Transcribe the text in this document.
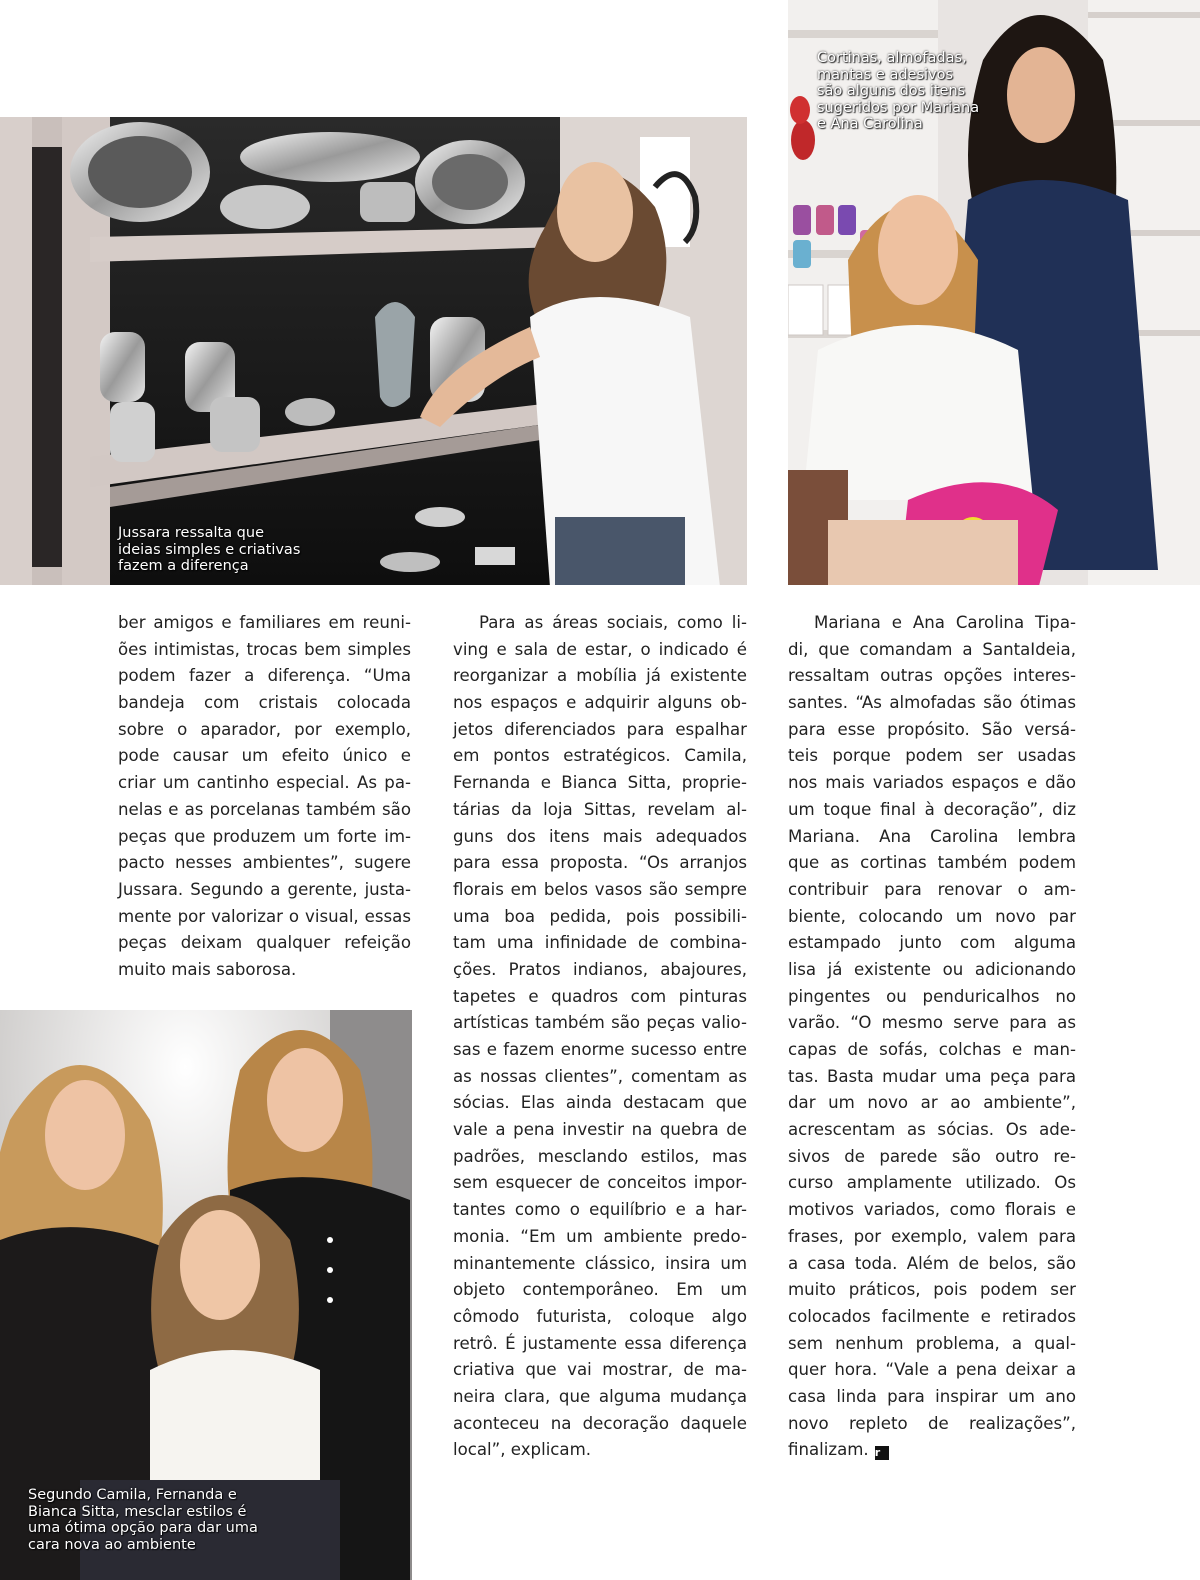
Jussara ressalta que
ideias simples e criativas
fazem a diferença
Cortinas, almofadas,
mantas e adesivos
são alguns dos itens
sugeridos por Mariana
e Ana Carolina
Segundo Camila, Fernanda e
Bianca Sitta, mesclar estilos é
uma ótima opção para dar uma
cara nova ao ambiente
ber amigos e familiares em reuni-
ões intimistas, trocas bem simples
podem fazer a diferença. “Uma
bandeja com cristais colocada
sobre o aparador, por exemplo,
pode causar um efeito único e
criar um cantinho especial. As pa-
nelas e as porcelanas também são
peças que produzem um forte im-
pacto nesses ambientes”, sugere
Jussara. Segundo a gerente, justa-
mente por valorizar o visual, essas
peças deixam qualquer refeição
muito mais saborosa.
Para as áreas sociais, como li-
ving e sala de estar, o indicado é
reorganizar a mobília já existente
nos espaços e adquirir alguns ob-
jetos diferenciados para espalhar
em pontos estratégicos. Camila,
Fernanda e Bianca Sitta, proprie-
tárias da loja Sittas, revelam al-
guns dos itens mais adequados
para essa proposta. “Os arranjos
florais em belos vasos são sempre
uma boa pedida, pois possibili-
tam uma infinidade de combina-
ções. Pratos indianos, abajoures,
tapetes e quadros com pinturas
artísticas também são peças valio-
sas e fazem enorme sucesso entre
as nossas clientes”, comentam as
sócias. Elas ainda destacam que
vale a pena investir na quebra de
padrões, mesclando estilos, mas
sem esquecer de conceitos impor-
tantes como o equilíbrio e a har-
monia. “Em um ambiente predo-
minantemente clássico, insira um
objeto contemporâneo. Em um
cômodo futurista, coloque algo
retrô. É justamente essa diferença
criativa que vai mostrar, de ma-
neira clara, que alguma mudança
aconteceu na decoração daquele
local”, explicam.
Mariana e Ana Carolina Tipa-
di, que comandam a SantaIdeia,
ressaltam outras opções interes-
santes. “As almofadas são ótimas
para esse propósito. São versá-
teis porque podem ser usadas
nos mais variados espaços e dão
um toque final à decoração”, diz
Mariana. Ana Carolina lembra
que as cortinas também podem
contribuir para renovar o am-
biente, colocando um novo par
estampado junto com alguma
lisa já existente ou adicionando
pingentes ou penduricalhos no
varão. “O mesmo serve para as
capas de sofás, colchas e man-
tas. Basta mudar uma peça para
dar um novo ar ao ambiente”,
acrescentam as sócias. Os ade-
sivos de parede são outro re-
curso amplamente utilizado. Os
motivos variados, como florais e
frases, por exemplo, valem para
a casa toda. Além de belos, são
muito práticos, pois podem ser
colocados facilmente e retirados
sem nenhum problema, a qual-
quer hora. “Vale a pena deixar a
casa linda para inspirar um ano
novo repleto de realizações”,
finalizam. r
